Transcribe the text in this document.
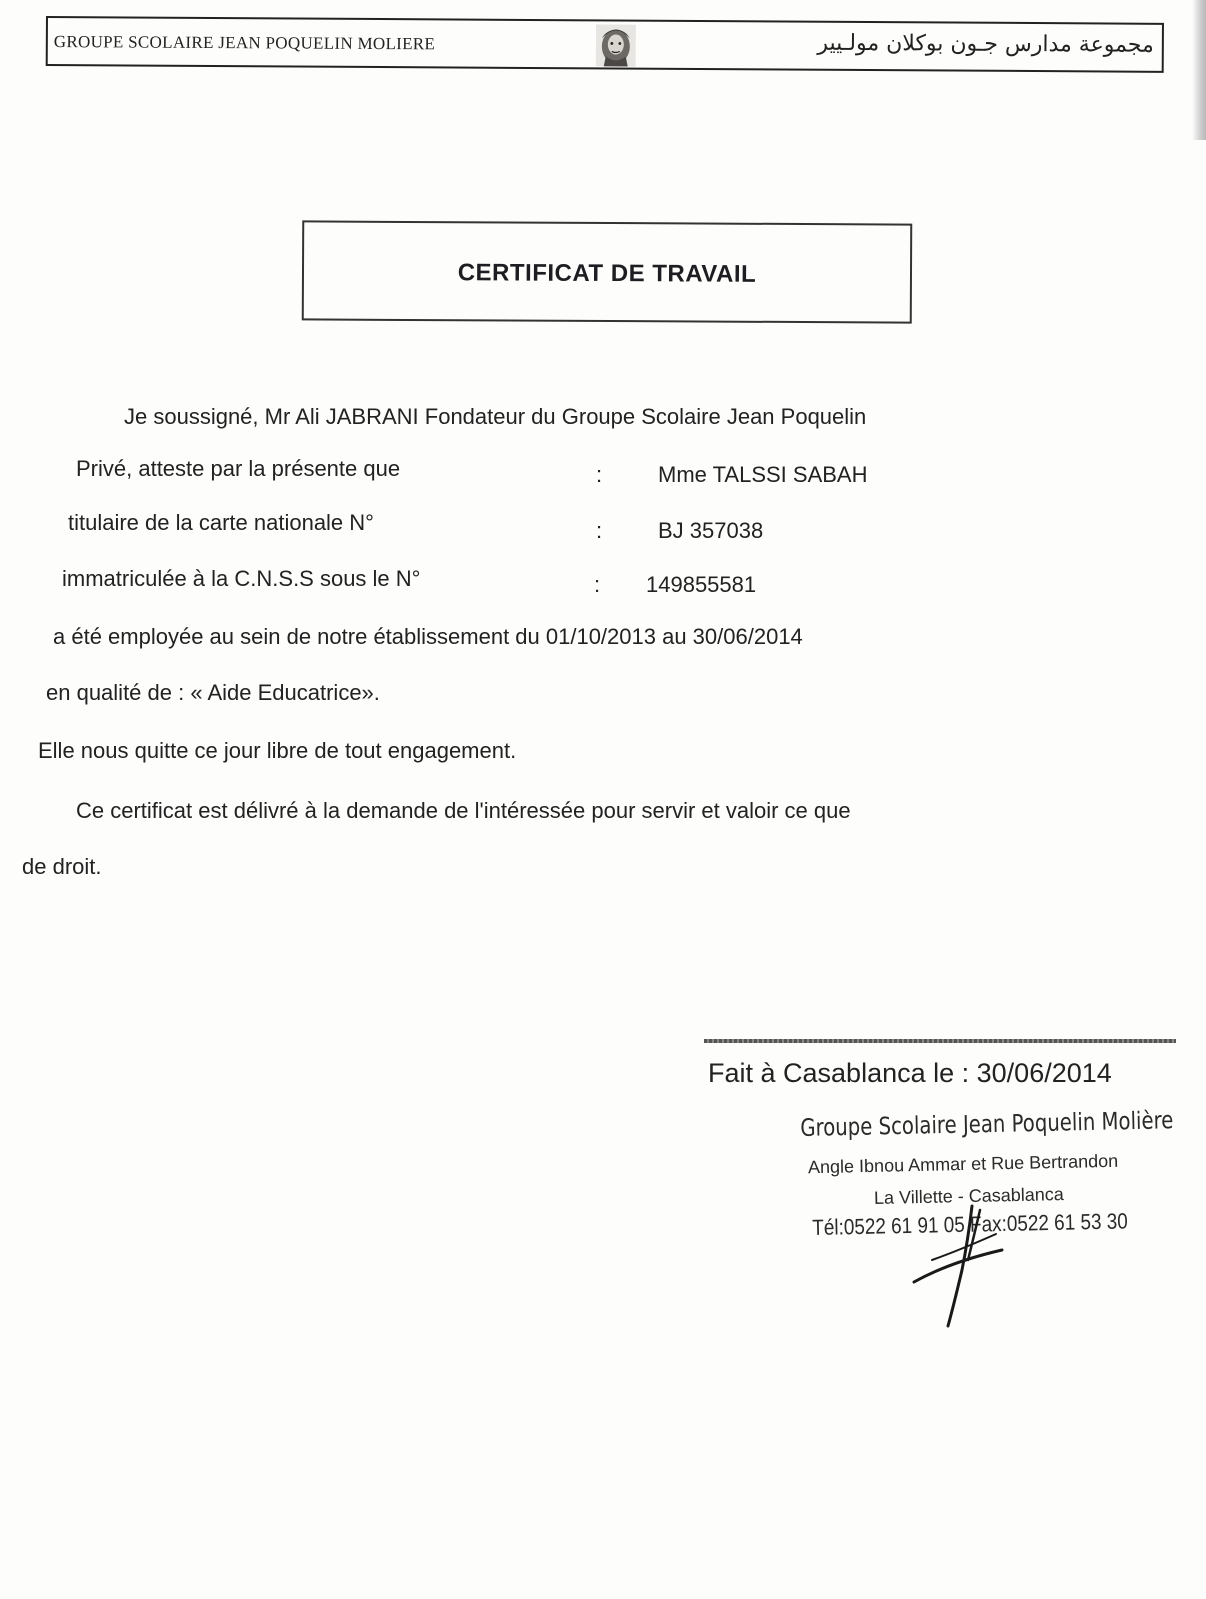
GROUPE SCOLAIRE JEAN POQUELIN MOLIERE	مجموعة مدارس جـون بوكلان مولـيير
CERTIFICAT DE TRAVAIL
Je soussigné, Mr Ali JABRANI Fondateur du Groupe Scolaire Jean Poquelin
Privé, atteste par la présente que	:	Mme TALSSI SABAH
titulaire de la carte nationale N°	:	BJ 357038
immatriculée à la C.N.S.S sous le N°	: 149855581
a été employée au sein de notre établissement du 01/10/2013 au 30/06/2014
en qualité de : « Aide Educatrice».
Elle nous quitte ce jour libre de tout engagement.
Ce certificat est délivré à la demande de l'intéressée pour servir et valoir ce que
de droit.
Fait à Casablanca le : 30/06/2014
Groupe Scolaire Jean Poquelin Molière
Angle Ibnou Ammar et Rue Bertrandon
La Villette - Casablanca
Tél:0522 61 91 05 Fax:0522 61 53 30
